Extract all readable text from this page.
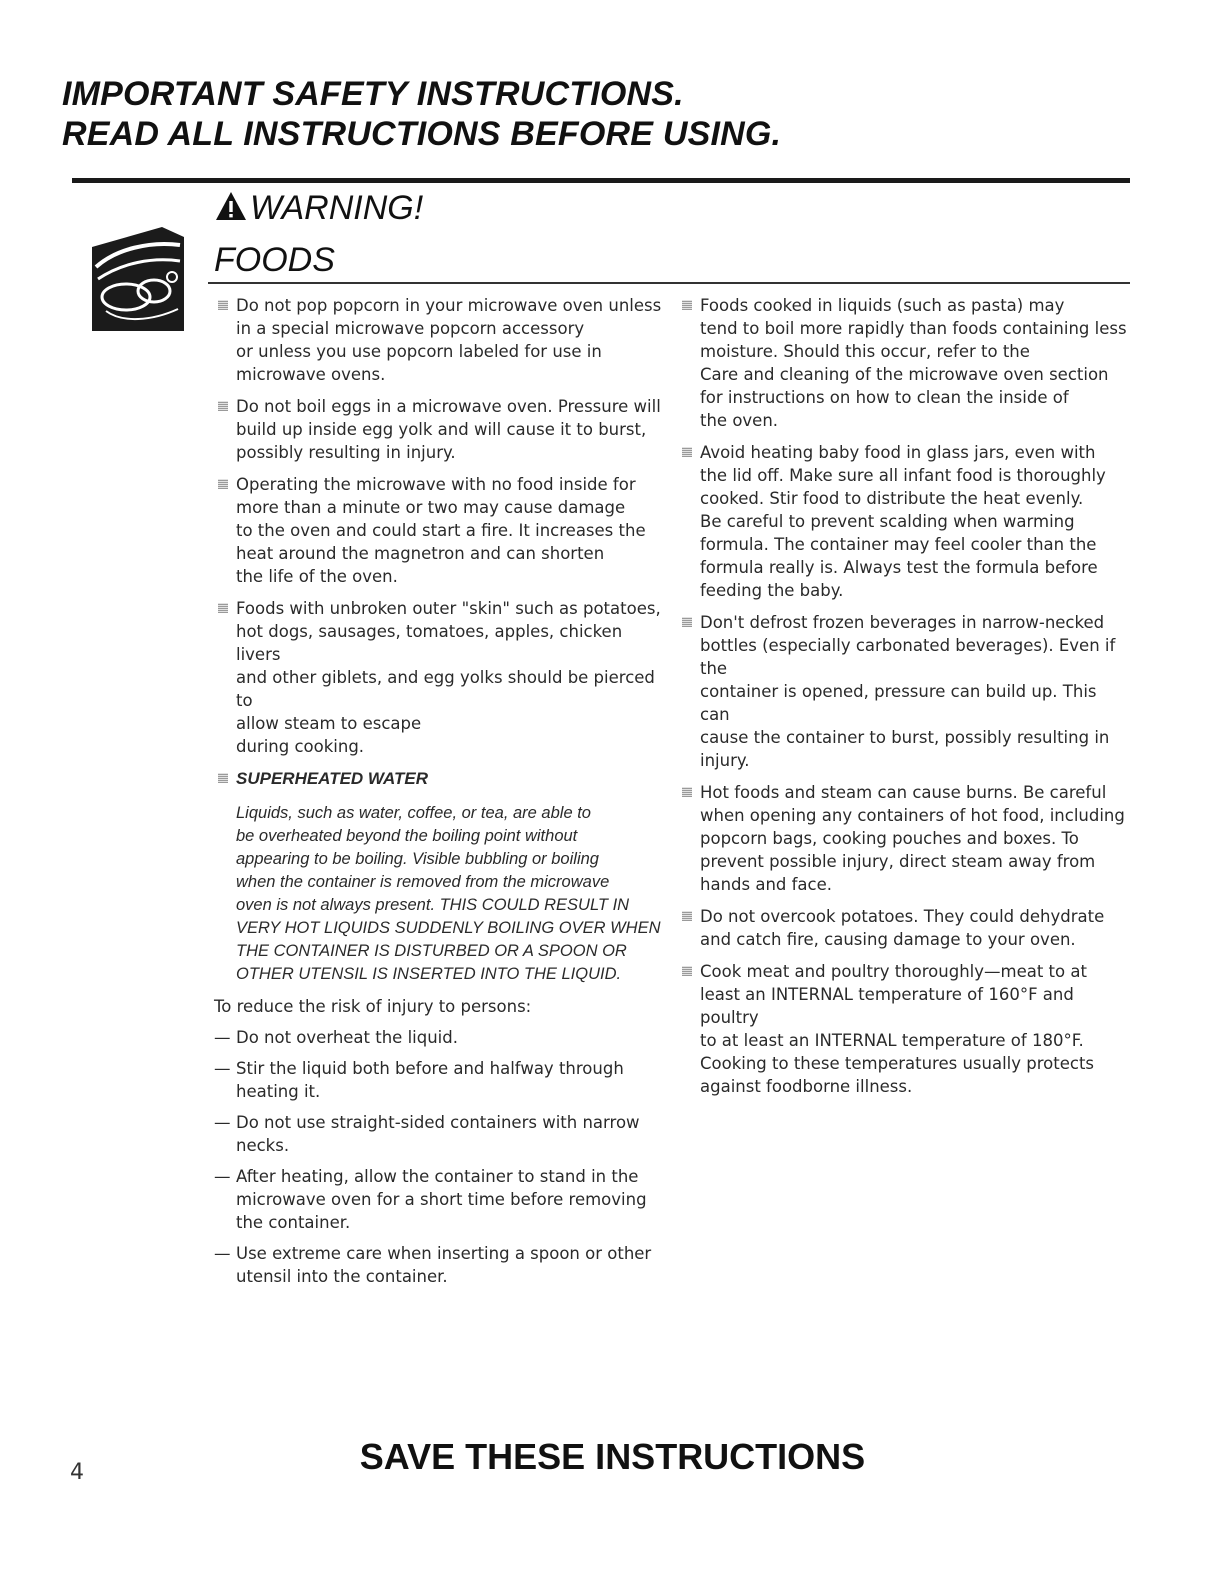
IMPORTANT SAFETY INSTRUCTIONS.
READ ALL INSTRUCTIONS BEFORE USING.
WARNING!
FOODS
Do not pop popcorn in your microwave oven unless
in a special microwave popcorn accessory
or unless you use popcorn labeled for use in
microwave ovens.
Do not boil eggs in a microwave oven. Pressure will
build up inside egg yolk and will cause it to burst,
possibly resulting in injury.
Operating the microwave with no food inside for
more than a minute or two may cause damage
to the oven and could start a fire. It increases the
heat around the magnetron and can shorten
the life of the oven.
Foods with unbroken outer "skin" such as potatoes,
hot dogs, sausages, tomatoes, apples, chicken livers
and other giblets, and egg yolks should be pierced to
allow steam to escape
during cooking.
SUPERHEATED WATER
Liquids, such as water, coffee, or tea, are able to
be overheated beyond the boiling point without
appearing to be boiling. Visible bubbling or boiling
when the container is removed from the microwave
oven is not always present. THIS COULD RESULT IN
VERY HOT LIQUIDS SUDDENLY BOILING OVER WHEN
THE CONTAINER IS DISTURBED OR A SPOON OR
OTHER UTENSIL IS INSERTED INTO THE LIQUID.
To reduce the risk of injury to persons:
— Do not overheat the liquid.
— Stir the liquid both before and halfway through
heating it.
— Do not use straight-sided containers with narrow
necks.
— After heating, allow the container to stand in the
microwave oven for a short time before removing
the container.
— Use extreme care when inserting a spoon or other
utensil into the container.
Foods cooked in liquids (such as pasta) may
tend to boil more rapidly than foods containing less
moisture. Should this occur, refer to the
Care and cleaning of the microwave oven section
for instructions on how to clean the inside of
the oven.
Avoid heating baby food in glass jars, even with
the lid off. Make sure all infant food is thoroughly
cooked. Stir food to distribute the heat evenly.
Be careful to prevent scalding when warming
formula. The container may feel cooler than the
formula really is. Always test the formula before
feeding the baby.
Don't defrost frozen beverages in narrow-necked
bottles (especially carbonated beverages). Even if the
container is opened, pressure can build up. This can
cause the container to burst, possibly resulting in
injury.
Hot foods and steam can cause burns. Be careful
when opening any containers of hot food, including
popcorn bags, cooking pouches and boxes. To
prevent possible injury, direct steam away from
hands and face.
Do not overcook potatoes. They could dehydrate
and catch fire, causing damage to your oven.
Cook meat and poultry thoroughly—meat to at
least an INTERNAL temperature of 160°F and poultry
to at least an INTERNAL temperature of 180°F.
Cooking to these temperatures usually protects
against foodborne illness.
SAVE THESE INSTRUCTIONS
4
